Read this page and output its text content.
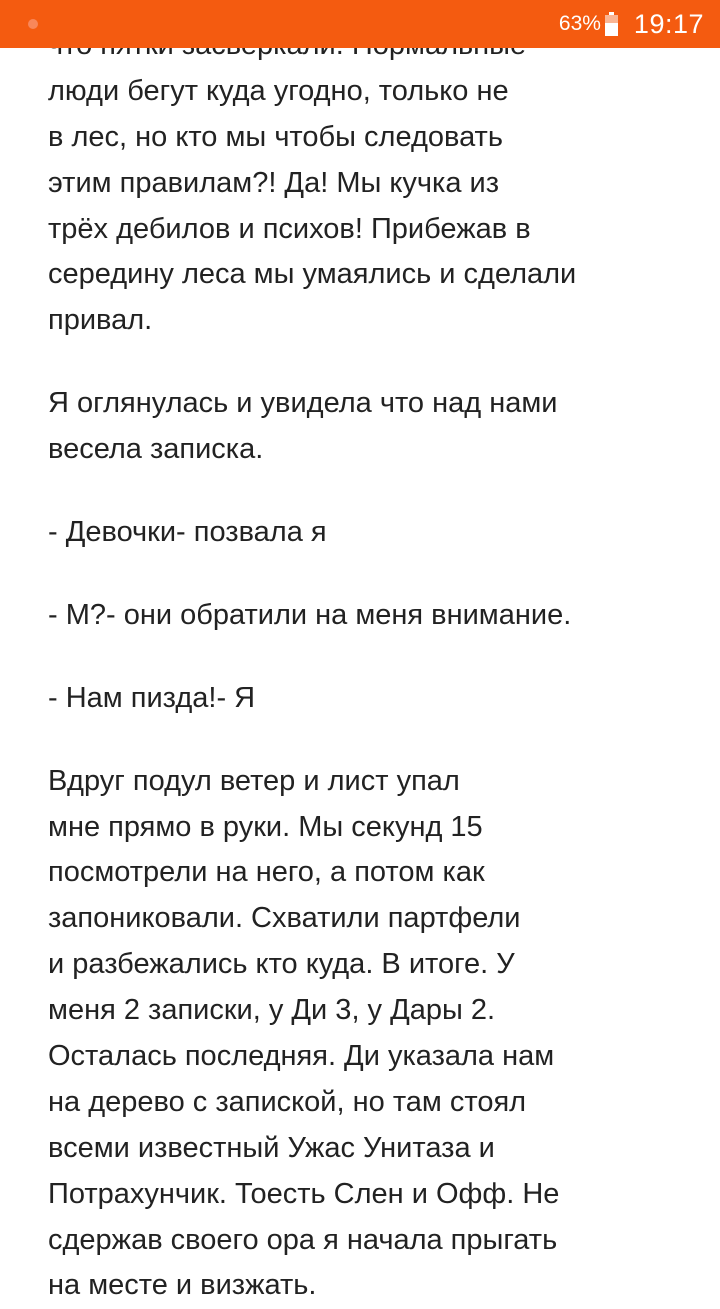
люди бегут куда угодно, только не
в лес, но кто мы чтобы следовать
этим правилам?! Да! Мы кучка из
трёх дебилов и психов! Прибежав в
середину леса мы умаялись и сделали
привал.
Я оглянулась и увидела что над нами
весела записка.
- Девочки- позвала я
- М?- они обратили на меня внимание.
- Нам пизда!- Я
Вдруг подул ветер и лист упал
мне прямо в руки. Мы секунд 15
посмотрели на него, а потом как
запониковали. Схватили партфели
и разбежались кто куда. В итоге. У
меня 2 записки, у Ди 3, у Дары 2.
Осталась последняя. Ди указала нам
на дерево с запиской, но там стоял
всеми известный Ужас Унитаза и
Потрахунчик. Тоесть Слен и Офф. Не
сдержав своего ора я начала прыгать
на месте и визжать.
63% 19:17
